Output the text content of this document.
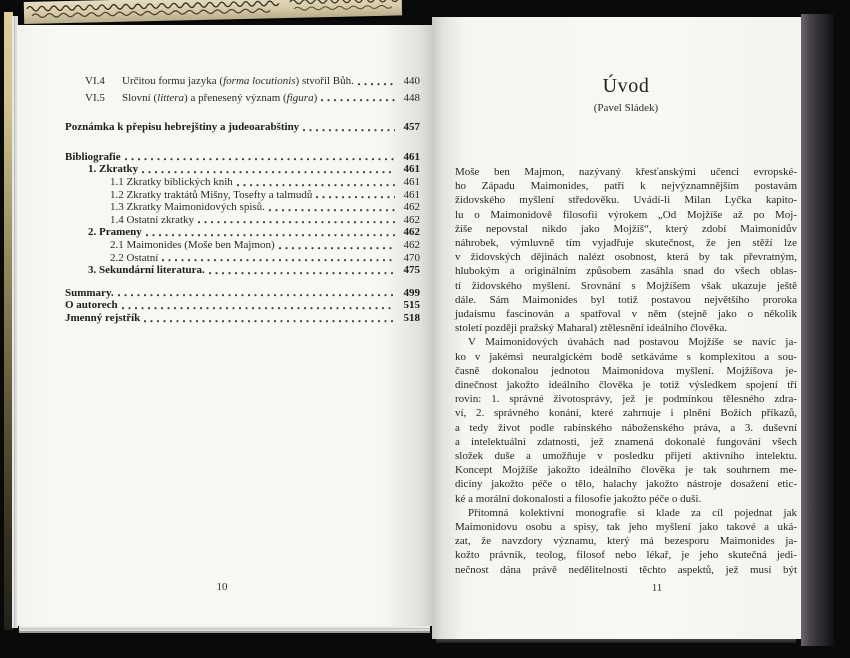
VI.4	Určitou formu jazyka (forma locutionis) stvořil Bůh.	440
VI.5	Slovní (littera) a přenesený význam (figura)	448
Poznámka k přepisu hebrejštiny a judeoarabštiny	457
Bibliografie	461
1. Zkratky	461
1.1 Zkratky biblických knih	461
1.2 Zkratky traktátů Mišny, Tosefty a talmudů	461
1.3 Zkratky Maimonidových spisů.	462
1.4 Ostatní zkratky	462
2. Prameny	462
2.1 Maimonides (Moše ben Majmon)	462
2.2 Ostatní	470
3. Sekundární literatura.	475
Summary.	499
O autorech	515
Jmenný rejstřík	518
10
Úvod
(Pavel Sládek)
Moše ben Majmon, nazývaný křesťanskými učenci evropské-
ho Západu Maimonides, patří k nejvýznamnějším postavám
židovského myšlení středověku. Uvádí-li Milan Lyčka kapito-
lu o Maimonidově filosofii výrokem „Od Mojžíše až po Moj-
žíše nepovstal nikdo jako Mojžíš“, který zdobí Maimonidův
náhrobek, výmluvně tím vyjadřuje skutečnost, že jen stěží lze
v židovských dějinách nalézt osobnost, která by tak převratným,
hlubokým a originálním způsobem zasáhla snad do všech oblas-
tí židovského myšlení. Srovnání s Mojžíšem však ukazuje ještě
dále. Sám Maimonides byl totiž postavou největšího proroka
judaismu fascinován a spatřoval v něm (stejně jako o několik
století později pražský Maharal) ztělesnění ideálního člověka.
V Maimonidových úvahách nad postavou Mojžíše se navíc ja-
ko v jakémsi neuralgickém bodě setkáváme s komplexitou a sou-
časně dokonalou jednotou Maimonidova myšlení. Mojžíšova je-
dinečnost jakožto ideálního člověka je totiž výsledkem spojení tří
rovin: 1. správné životosprávy, jež je podmínkou tělesného zdra-
ví, 2. správného konání, které zahrnuje i plnění Božích příkazů,
a tedy život podle rabínského náboženského práva, a 3. duševní
a intelektuální zdatnosti, jež znamená dokonalé fungování všech
složek duše a umožňuje v posledku přijetí aktivního intelektu.
Koncept Mojžíše jakožto ideálního člověka je tak souhrnem me-
dicíny jakožto péče o tělo, halachy jakožto nástroje dosažení etic-
ké a morální dokonalosti a filosofie jakožto péče o duši.
Přítomná kolektivní monografie si klade za cíl pojednat jak
Maimonidovu osobu a spisy, tak jeho myšlení jako takové a uká-
zat, že navzdory významu, který má bezesporu Maimonides ja-
kožto právník, teolog, filosof nebo lékař, je jeho skutečná jedi-
nečnost dána právě nedělitelností těchto aspektů, jež musí být
11
